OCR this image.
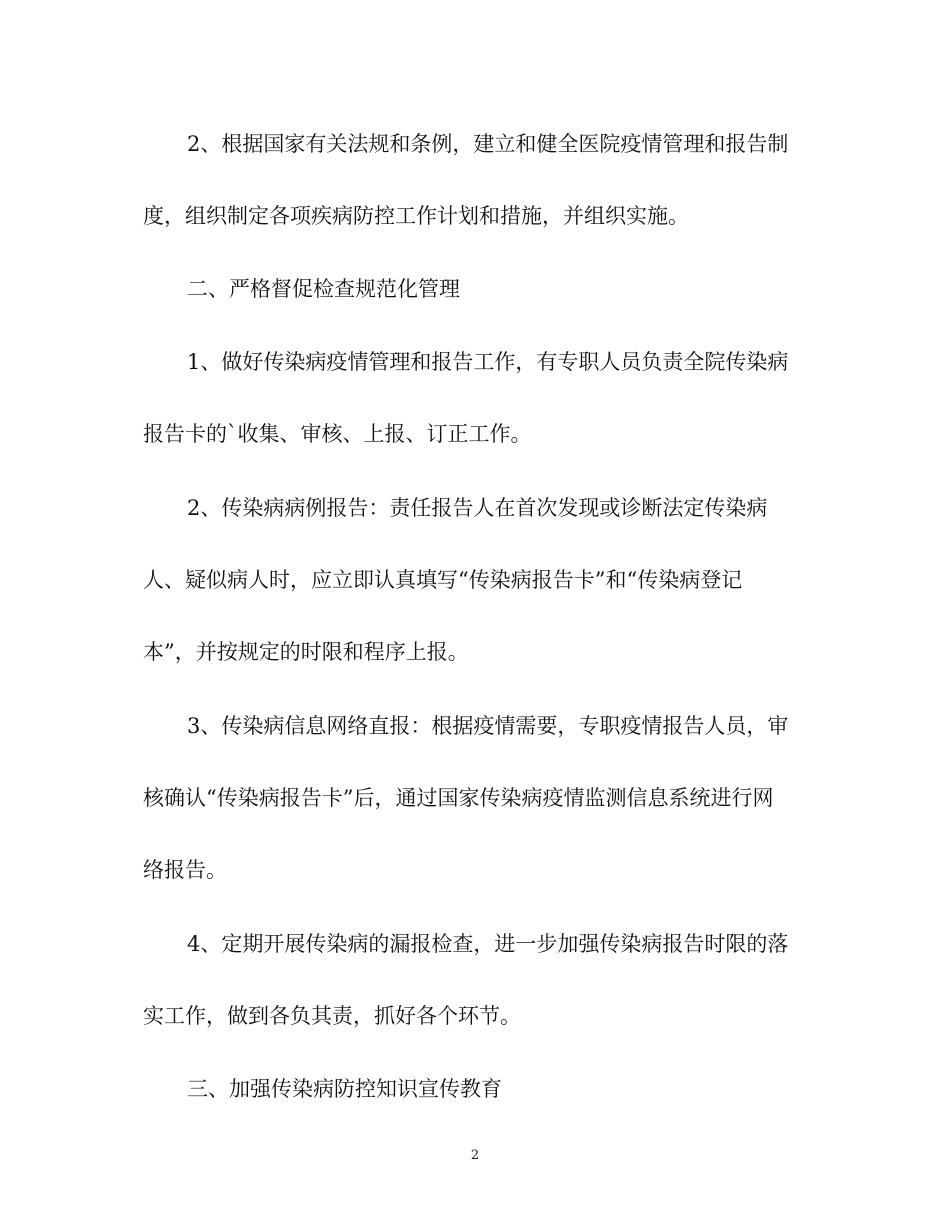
2、根据国家有关法规和条例，建立和健全医院疫情管理和报告制
度，组织制定各项疾病防控工作计划和措施，并组织实施。
二、严格督促检查规范化管理
1、做好传染病疫情管理和报告工作，有专职人员负责全院传染病
报告卡的`收集、审核、上报、订正工作。
2、传染病病例报告：责任报告人在首次发现或诊断法定传染病
人、疑似病人时，应立即认真填写“传染病报告卡”和“传染病登记
本”，并按规定的时限和程序上报。
3、传染病信息网络直报：根据疫情需要，专职疫情报告人员，审
核确认“传染病报告卡”后，通过国家传染病疫情监测信息系统进行网
络报告。
4、定期开展传染病的漏报检查，进一步加强传染病报告时限的落
实工作，做到各负其责，抓好各个环节。
三、加强传染病防控知识宣传教育
2
